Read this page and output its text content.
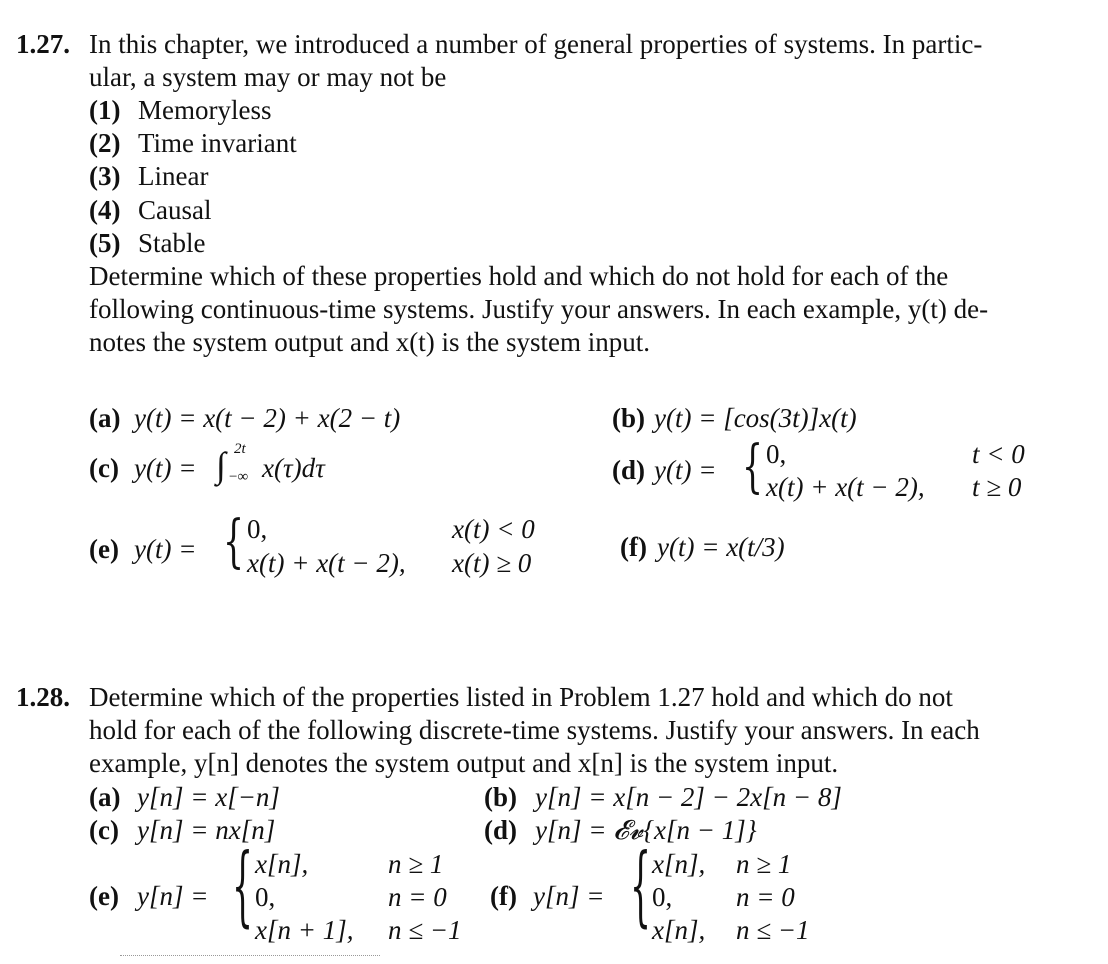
1.27. In this chapter, we introduced a number of general properties of systems. In partic-
ular, a system may or may not be
(1) Memoryless
(2) Time invariant
(3) Linear
(4) Causal
(5) Stable
Determine which of these properties hold and which do not hold for each of the
following continuous-time systems. Justify your answers. In each example, y(t) de-
notes the system output and x(t) is the system input.
(a) y(t) = x(t − 2) + x(2 − t)	(b) y(t) = [cos(3t)]x(t)
(c) y(t) = ∫ 2t
−∞ x(τ)dτ	(d) y(t) = { 0,	t < 0
x(t) + x(t − 2), t ≥ 0
(e) y(t) = { 0,	x(t) < 0
x(t) + x(t − 2), x(t) ≥ 0
(f) y(t) = x(t/3)
1.28. Determine which of the properties listed in Problem 1.27 hold and which do not
hold for each of the following discrete-time systems. Justify your answers. In each
example, y[n] denotes the system output and x[n] is the system input.
(a) y[n] = x[−n]	(b) y[n] = x[n − 2] − 2x[n − 8]
(c) y[n] = nx[n]	(d) y[n] = 𝓔𝓿{x[n − 1]}
(e) y[n] = { x[n],	n ≥ 1
0,	n = 0
x[n + 1], n ≤ −1
(f) y[n] = { x[n], n ≥ 1
0, n = 0
x[n], n ≤ −1
